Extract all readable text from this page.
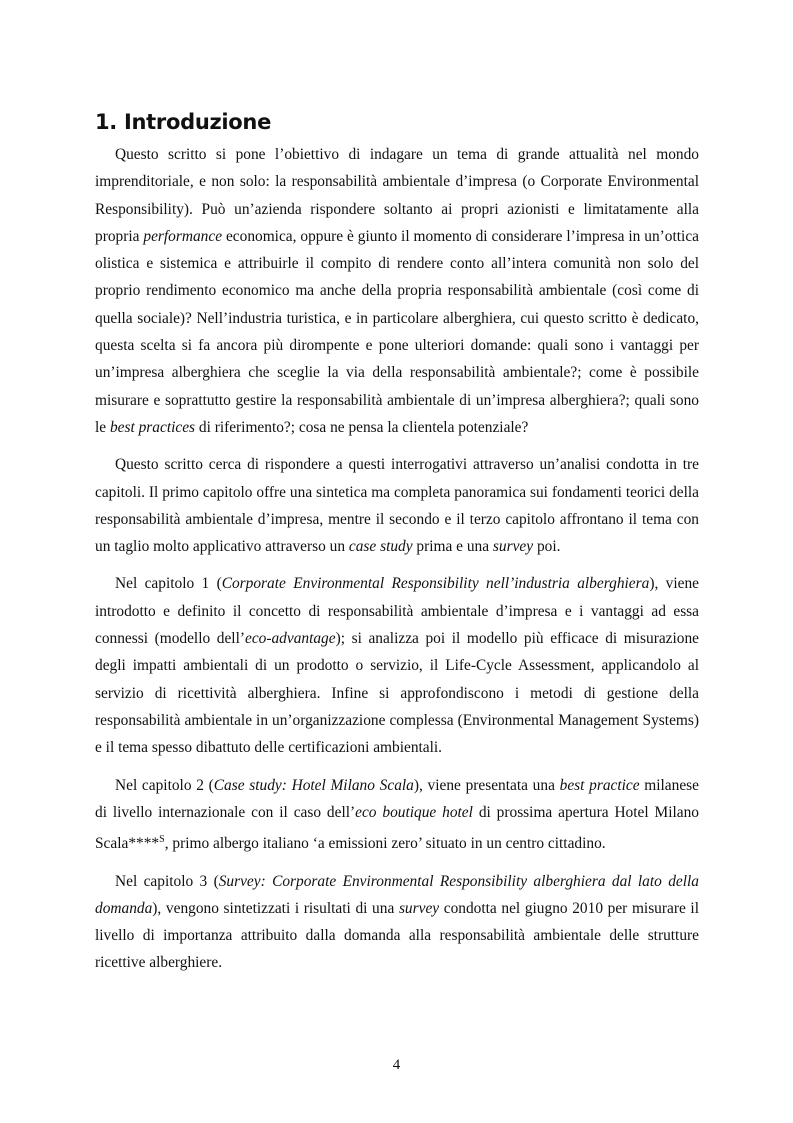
1. Introduzione

Questo scritto si pone l’obiettivo di indagare un tema di grande attualità nel mondo imprenditoriale, e non solo: la responsabilità ambientale d’impresa (o Corporate Environmental Responsibility). Può un’azienda rispondere soltanto ai propri azionisti e limitatamente alla propria performance economica, oppure è giunto il momento di considerare l’impresa in un’ottica olistica e sistemica e attribuirle il compito di rendere conto all’intera comunità non solo del proprio rendimento economico ma anche della propria responsabilità ambientale (così come di quella sociale)? Nell’industria turistica, e in particolare alberghiera, cui questo scritto è dedicato, questa scelta si fa ancora più dirompente e pone ulteriori domande: quali sono i vantaggi per un’impresa alberghiera che sceglie la via della responsabilità ambientale?; come è possibile misurare e soprattutto gestire la responsabilità ambientale di un’impresa alberghiera?; quali sono le best practices di riferimento?; cosa ne pensa la clientela potenziale?

Questo scritto cerca di rispondere a questi interrogativi attraverso un’analisi condotta in tre capitoli. Il primo capitolo offre una sintetica ma completa panoramica sui fondamenti teorici della responsabilità ambientale d’impresa, mentre il secondo e il terzo capitolo affrontano il tema con un taglio molto applicativo attraverso un case study prima e una survey poi.

Nel capitolo 1 (Corporate Environmental Responsibility nell’industria alberghiera), viene introdotto e definito il concetto di responsabilità ambientale d’impresa e i vantaggi ad essa connessi (modello dell’eco-advantage); si analizza poi il modello più efficace di misurazione degli impatti ambientali di un prodotto o servizio, il Life-Cycle Assessment, applicandolo al servizio di ricettività alberghiera. Infine si approfondiscono i metodi di gestione della responsabilità ambientale in un’organizzazione complessa (Environmental Management Systems) e il tema spesso dibattuto delle certificazioni ambientali.

Nel capitolo 2 (Case study: Hotel Milano Scala), viene presentata una best practice milanese di livello internazionale con il caso dell’eco boutique hotel di prossima apertura Hotel Milano Scala****$^S$, primo albergo italiano ‘a emissioni zero’ situato in un centro cittadino.

Nel capitolo 3 (Survey: Corporate Environmental Responsibility alberghiera dal lato della domanda), vengono sintetizzati i risultati di una survey condotta nel giugno 2010 per misurare il livello di importanza attribuito dalla domanda alla responsabilità ambientale delle strutture ricettive alberghiere.

4
